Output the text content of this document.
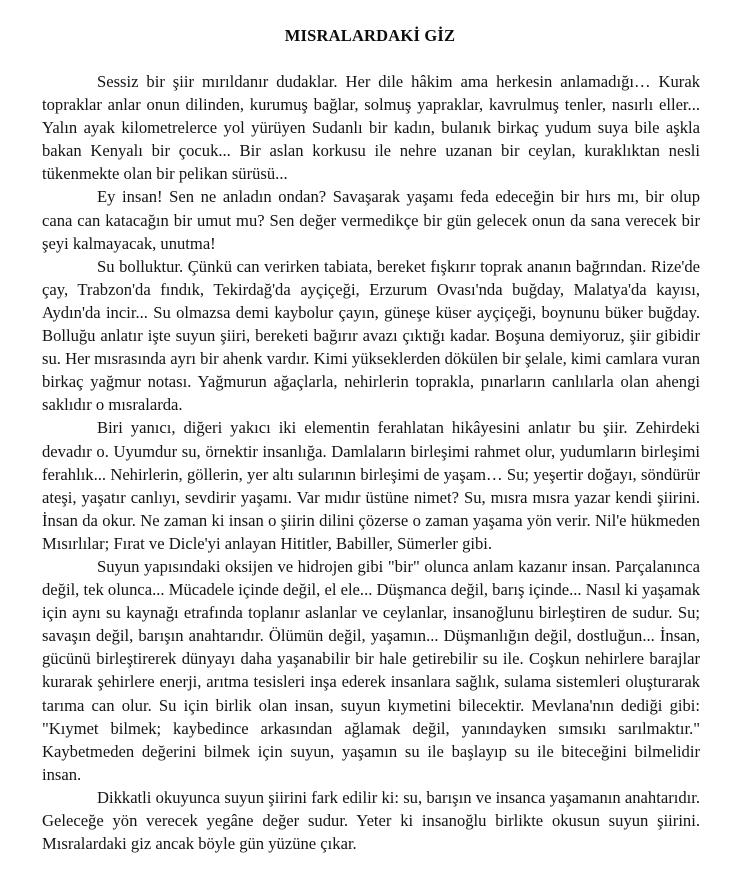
MISRALARDAKİ GİZ

Sessiz bir şiir mırıldanır dudaklar. Her dile hâkim ama herkesin anlamadığı… Kurak topraklar anlar onun dilinden, kurumuş bağlar, solmuş yapraklar, kavrulmuş tenler, nasırlı eller... Yalın ayak kilometrelerce yol yürüyen Sudanlı bir kadın, bulanık birkaç yudum suya bile aşkla bakan Kenyalı bir çocuk... Bir aslan korkusu ile nehre uzanan bir ceylan, kuraklıktan nesli tükenmekte olan bir pelikan sürüsü...

Ey insan! Sen ne anladın ondan? Savaşarak yaşamı feda edeceğin bir hırs mı, bir olup cana can katacağın bir umut mu? Sen değer vermedikçe bir gün gelecek onun da sana verecek bir şeyi kalmayacak, unutma!

Su bolluktur. Çünkü can verirken tabiata, bereket fışkırır toprak ananın bağrından. Rize'de çay, Trabzon'da fındık, Tekirdağ'da ayçiçeği, Erzurum Ovası'nda buğday, Malatya'da kayısı, Aydın'da incir... Su olmazsa demi kaybolur çayın, güneşe küser ayçiçeği, boynunu büker buğday. Bolluğu anlatır işte suyun şiiri, bereketi bağırır avazı çıktığı kadar. Boşuna demiyoruz, şiir gibidir su. Her mısrasında ayrı bir ahenk vardır. Kimi yükseklerden dökülen bir şelale, kimi camlara vuran birkaç yağmur notası. Yağmurun ağaçlarla, nehirlerin toprakla, pınarların canlılarla olan ahengi saklıdır o mısralarda.

Biri yanıcı, diğeri yakıcı iki elementin ferahlatan hikâyesini anlatır bu şiir. Zehirdeki devadır o. Uyumdur su, örnektir insanlığa. Damlaların birleşimi rahmet olur, yudumların birleşimi ferahlık... Nehirlerin, göllerin, yer altı sularının birleşimi de yaşam… Su; yeşertir doğayı, söndürür ateşi, yaşatır canlıyı, sevdirir yaşamı. Var mıdır üstüne nimet? Su, mısra mısra yazar kendi şiirini. İnsan da okur. Ne zaman ki insan o şiirin dilini çözerse o zaman yaşama yön verir. Nil'e hükmeden Mısırlılar; Fırat ve Dicle'yi anlayan Hititler, Babiller, Sümerler gibi.

Suyun yapısındaki oksijen ve hidrojen gibi "bir" olunca anlam kazanır insan. Parçalanınca değil, tek olunca... Mücadele içinde değil, el ele... Düşmanca değil, barış içinde... Nasıl ki yaşamak için aynı su kaynağı etrafında toplanır aslanlar ve ceylanlar, insanoğlunu birleştiren de sudur. Su; savaşın değil, barışın anahtarıdır. Ölümün değil, yaşamın... Düşmanlığın değil, dostluğun... İnsan, gücünü birleştirerek dünyayı daha yaşanabilir bir hale getirebilir su ile. Coşkun nehirlere barajlar kurarak şehirlere enerji, arıtma tesisleri inşa ederek insanlara sağlık, sulama sistemleri oluşturarak tarıma can olur. Su için birlik olan insan, suyun kıymetini bilecektir. Mevlana'nın dediği gibi: "Kıymet bilmek; kaybedince arkasından ağlamak değil, yanındayken sımsıkı sarılmaktır." Kaybetmeden değerini bilmek için suyun, yaşamın su ile başlayıp su ile biteceğini bilmelidir insan.

Dikkatli okuyunca suyun şiirini fark edilir ki: su, barışın ve insanca yaşamanın anahtarıdır. Geleceğe yön verecek yegâne değer sudur. Yeter ki insanoğlu birlikte okusun suyun şiirini. Mısralardaki giz ancak böyle gün yüzüne çıkar.
